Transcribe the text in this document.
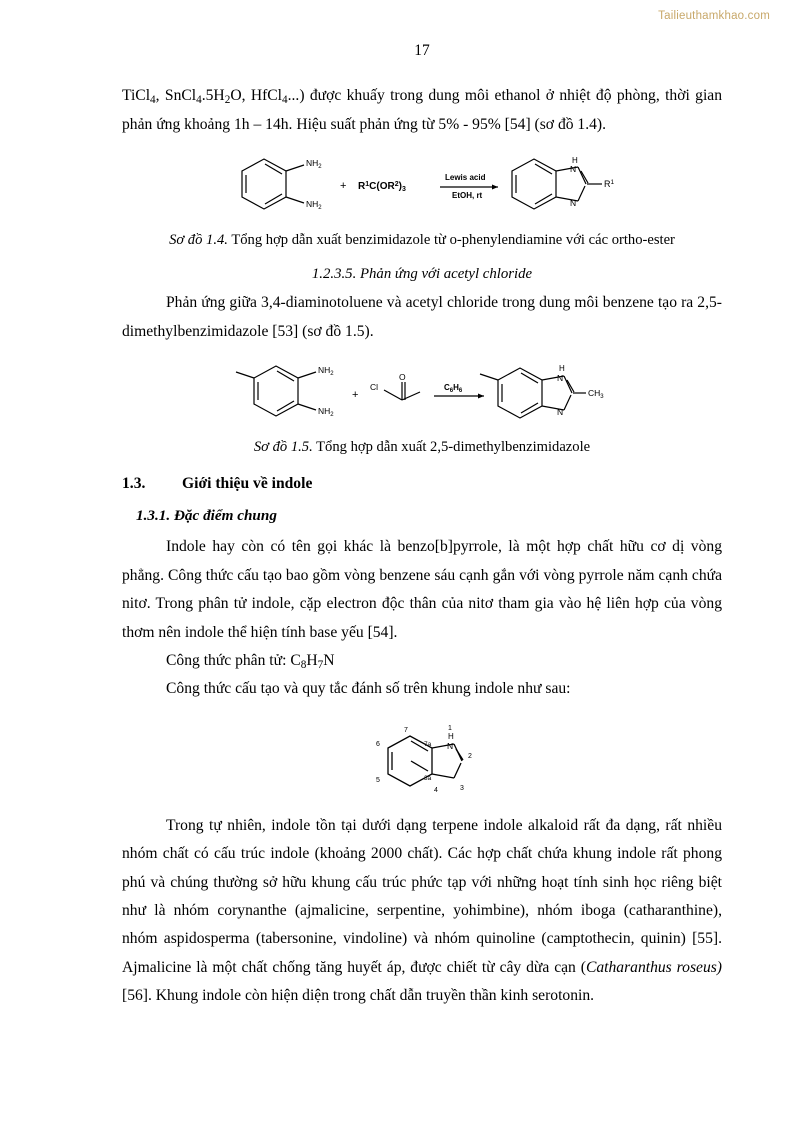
Tailieuthamkhao.com
17

TiCl$_4$, $SnCl_4.5H_2O$, HfCl$_4$...) được khuấy trong dung môi ethanol ở nhiệt độ phòng, thời gian phản ứng khoảng 1h – 14h. Hiệu suất phản ứng từ 5% - 95% [54] (sơ đồ 1.4).

$NH_2$
$NH_2$
+ $R^1C(OR^2)_3$
Lewis acid
EtOH, rt
H
N
N
$R^1$

Sơ đồ 1.4. Tổng hợp dẫn xuất benzimidazole từ o-phenylendiamine với các ortho-ester

1.2.3.5. Phản ứng với acetyl chloride

Phản ứng giữa 3,4-diaminotoluene và acetyl chloride trong dung môi benzene tạo ra 2,5-dimethylbenzimidazole [53] (sơ đồ 1.5).

$NH_2$
$NH_2$
+
Cl
O
$C_6H_6$
H
N
N
$CH_3$

Sơ đồ 1.5. Tổng hợp dẫn xuất 2,5-dimethylbenzimidazole

1.3. Giới thiệu về indole
1.3.1. Đặc điểm chung

Indole hay còn có tên gọi khác là benzo[b]pyrrole, là một hợp chất hữu cơ dị vòng phẳng. Công thức cấu tạo bao gồm vòng benzene sáu cạnh gắn với vòng pyrrole năm cạnh chứa nitơ. Trong phân tử indole, cặp electron độc thân của nitơ tham gia vào hệ liên hợp của vòng thơm nên indole thể hiện tính base yếu [54].

Công thức phân tử: $C_8H_7N$

Công thức cấu tạo và quy tắc đánh số trên khung indole như sau:

H
N
1
2
3
4
5
6
7
7a
3a

Trong tự nhiên, indole tồn tại dưới dạng terpene indole alkaloid rất đa dạng, rất nhiều nhóm chất có cấu trúc indole (khoảng 2000 chất). Các hợp chất chứa khung indole rất phong phú và chúng thường sở hữu khung cấu trúc phức tạp với những hoạt tính sinh học riêng biệt như là nhóm corynanthe (ajmalicine, serpentine, yohimbine), nhóm iboga (catharanthine), nhóm aspidosperma (tabersonine, vindoline) và nhóm quinoline (camptothecin, quinin) [55]. Ajmalicine là một chất chống tăng huyết áp, được chiết từ cây dừa cạn (Catharanthus roseus) [56]. Khung indole còn hiện diện trong chất dẫn truyền thần kinh serotonin.
